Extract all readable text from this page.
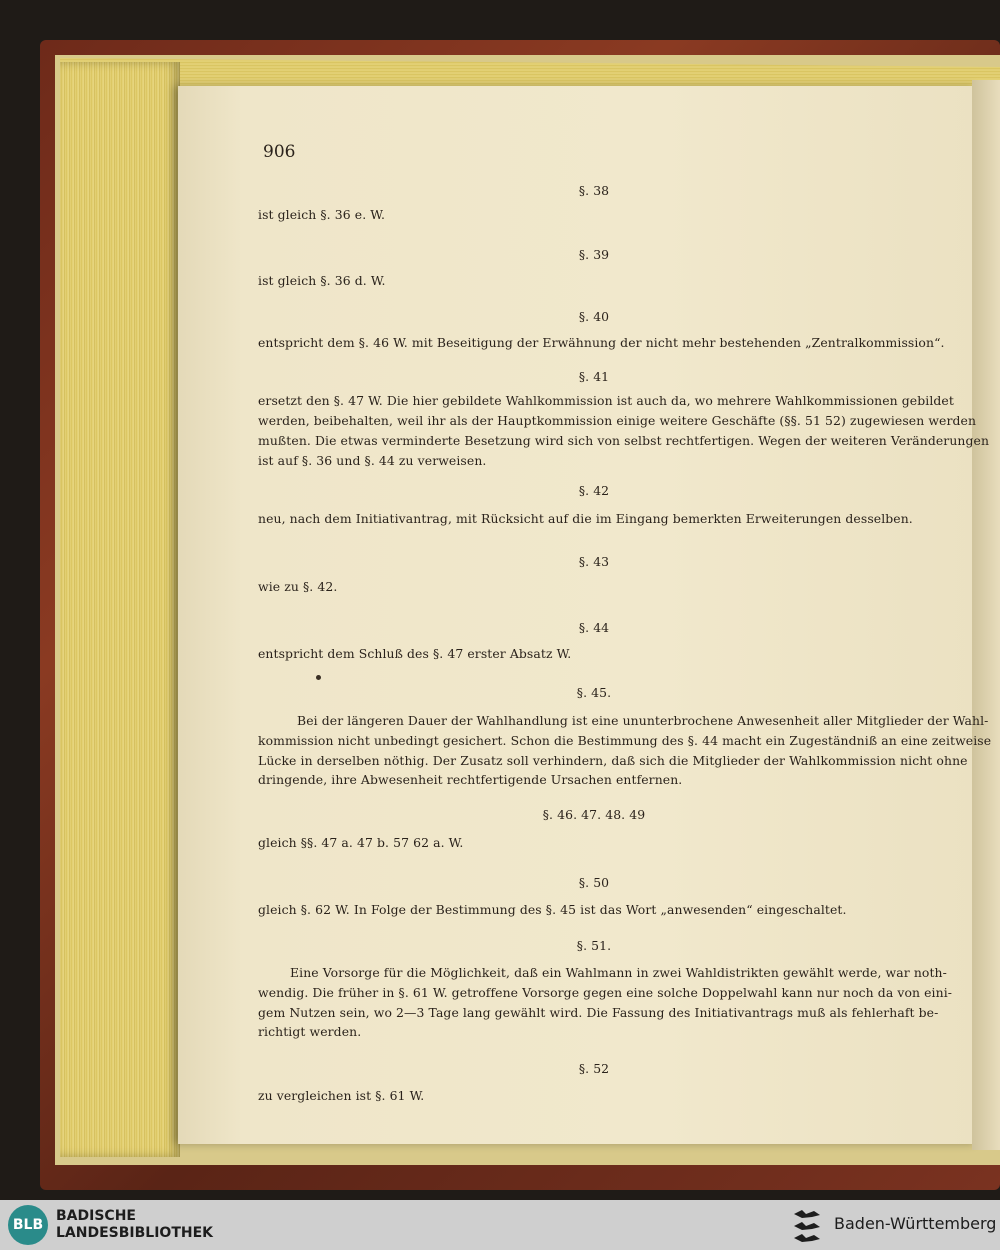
906
§. 38
ist gleich §. 36 e. W.
§. 39
ist gleich §. 36 d. W.
§. 40
entspricht dem §. 46 W. mit Beseitigung der Erwähnung der nicht mehr bestehenden „Zentralkommission“.
§. 41
ersetzt den §. 47 W. Die hier gebildete Wahlkommission ist auch da, wo mehrere Wahlkommissionen gebildet
werden, beibehalten, weil ihr als der Hauptkommission einige weitere Geschäfte (§§. 51 52) zugewiesen werden
mußten. Die etwas verminderte Besetzung wird sich von selbst rechtfertigen. Wegen der weiteren Veränderungen
ist auf §. 36 und §. 44 zu verweisen.
§. 42
neu, nach dem Initiativantrag, mit Rücksicht auf die im Eingang bemerkten Erweiterungen desselben.
§. 43
wie zu §. 42.
§. 44
entspricht dem Schluß des §. 47 erster Absatz W.
§. 45.
Bei der längeren Dauer der Wahlhandlung ist eine ununterbrochene Anwesenheit aller Mitglieder der Wahl-
kommission nicht unbedingt gesichert. Schon die Bestimmung des §. 44 macht ein Zugeständniß an eine zeitweise
Lücke in derselben nöthig. Der Zusatz soll verhindern, daß sich die Mitglieder der Wahlkommission nicht ohne
dringende, ihre Abwesenheit rechtfertigende Ursachen entfernen.
§. 46. 47. 48. 49
gleich §§. 47 a. 47 b. 57 62 a. W.
§. 50
gleich §. 62 W. In Folge der Bestimmung des §. 45 ist das Wort „anwesenden“ eingeschaltet.
§. 51.
Eine Vorsorge für die Möglichkeit, daß ein Wahlmann in zwei Wahldistrikten gewählt werde, war noth-
wendig. Die früher in §. 61 W. getroffene Vorsorge gegen eine solche Doppelwahl kann nur noch da von eini-
gem Nutzen sein, wo 2—3 Tage lang gewählt wird. Die Fassung des Initiativantrags muß als fehlerhaft be-
richtigt werden.
§. 52
zu vergleichen ist §. 61 W.
BLB
BADISCHE
LANDESBIBLIOTHEK	Baden-Württemberg
